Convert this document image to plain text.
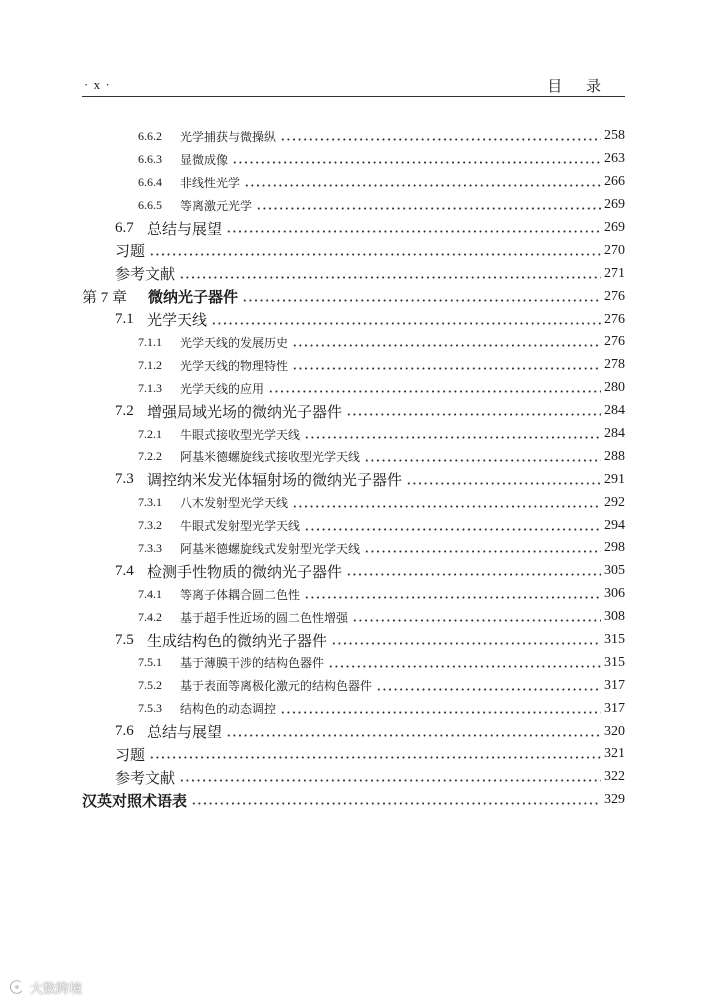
· x ·	目 录
6.6.2	光学捕获与微操纵	258
6.6.3	显微成像	263
6.6.4	非线性光学	266
6.6.5	等离激元光学	269
6.7 总结与展望	269
习题	270
参考文献	271
第 7 章	微纳光子器件	276
7.1 光学天线	276
7.1.1	光学天线的发展历史	276
7.1.2	光学天线的物理特性	278
7.1.3	光学天线的应用	280
7.2 增强局域光场的微纳光子器件	284
7.2.1	牛眼式接收型光学天线	284
7.2.2	阿基米德螺旋线式接收型光学天线	288
7.3 调控纳米发光体辐射场的微纳光子器件	291
7.3.1	八木发射型光学天线	292
7.3.2	牛眼式发射型光学天线	294
7.3.3	阿基米德螺旋线式发射型光学天线	298
7.4 检测手性物质的微纳光子器件	305
7.4.1	等离子体耦合圆二色性	306
7.4.2	基于超手性近场的圆二色性增强	308
7.5 生成结构色的微纳光子器件	315
7.5.1	基于薄膜干涉的结构色器件	315
7.5.2	基于表面等离极化激元的结构色器件	317
7.5.3	结构色的动态调控	317
7.6 总结与展望	320
习题	321
参考文献	322
汉英对照术语表	329
大数跨境
